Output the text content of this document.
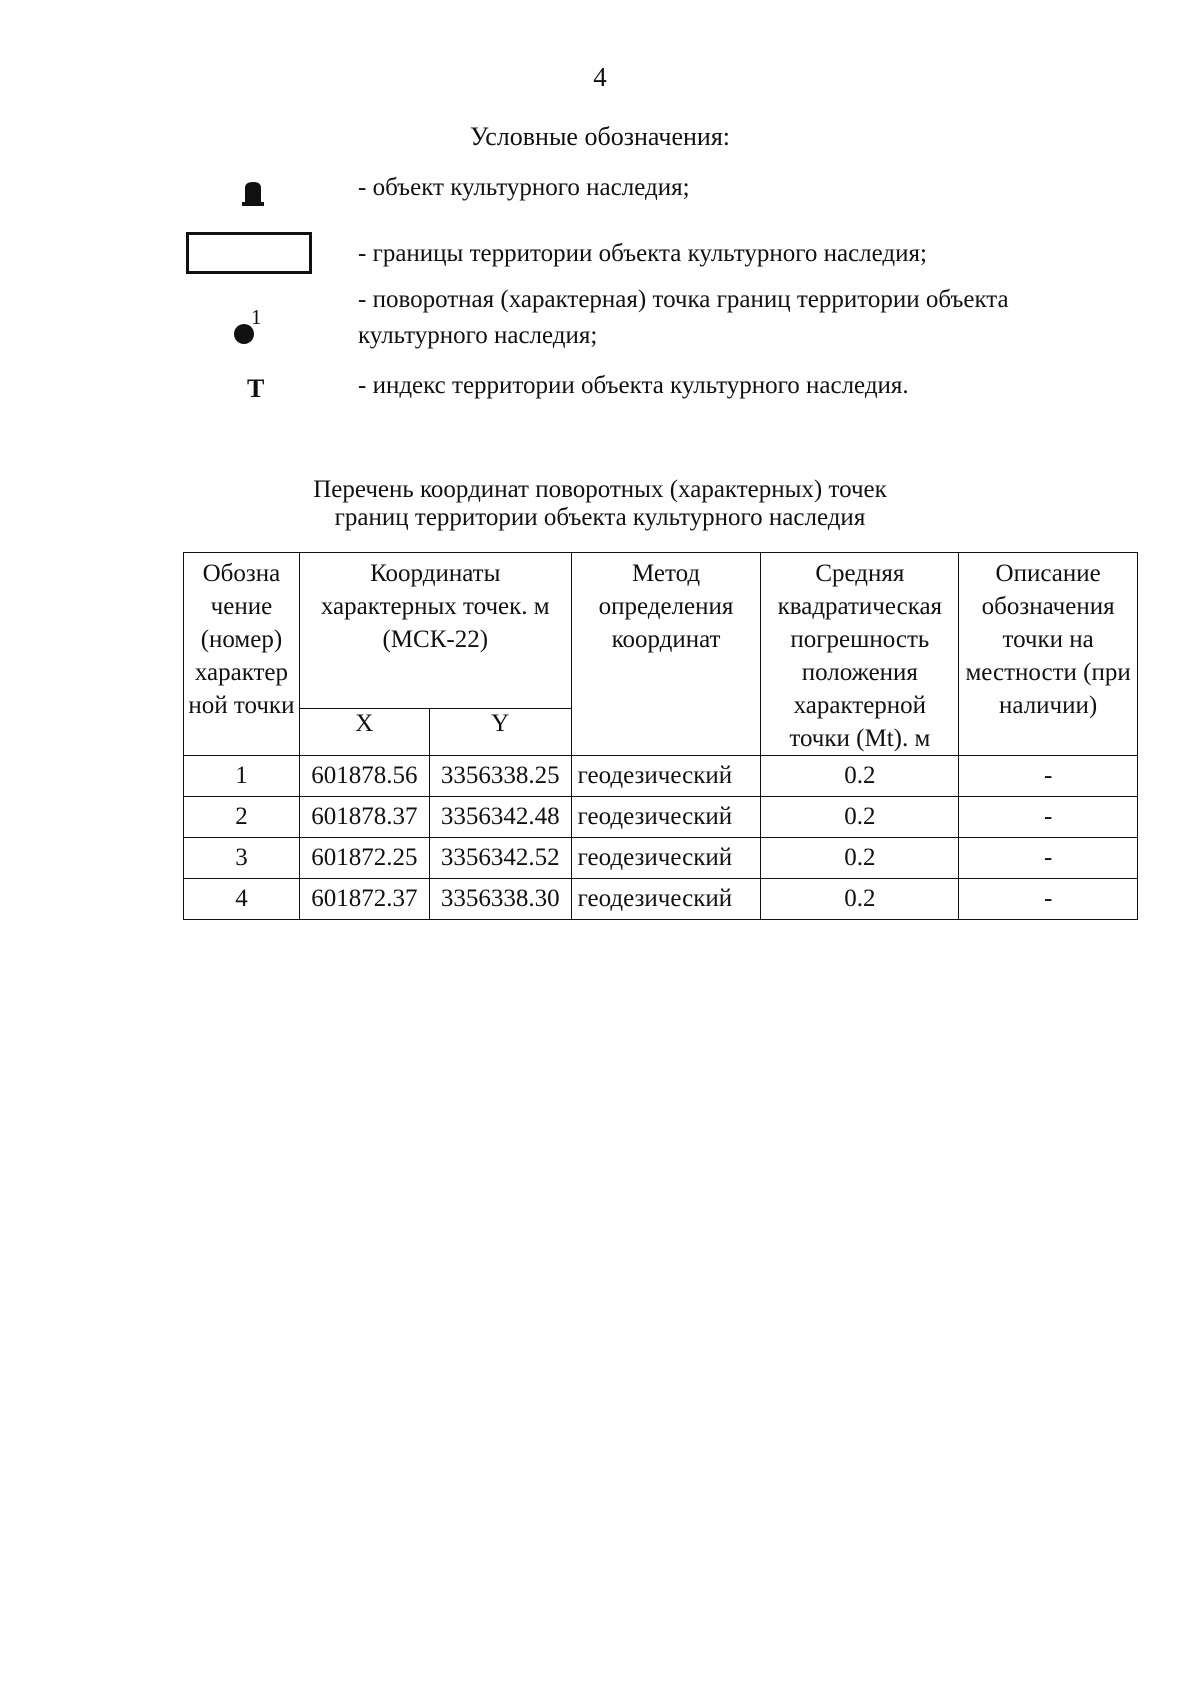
4
Условные обозначения:
1
Т
- объект культурного наследия;
- границы территории объекта культурного наследия;
- поворотная (характерная) точка границ территории объекта культурного наследия;
- индекс территории объекта культурного наследия.
Перечень координат поворотных (характерных) точек
границ территории объекта культурного наследия
Обозна чение (номер) характер ной точки	Координаты характерных точек. м (МСК-22)		Метод определения координат	Средняя квадратическая погрешность положения характерной точки (Mt). м	Описание обозначения точки на местности (при наличии)
	X	Y			
1	601878.56	3356338.25	геодезический	0.2	-
2	601878.37	3356342.48	геодезический	0.2	-
3	601872.25	3356342.52	геодезический	0.2	-
4	601872.37	3356338.30	геодезический	0.2	-
